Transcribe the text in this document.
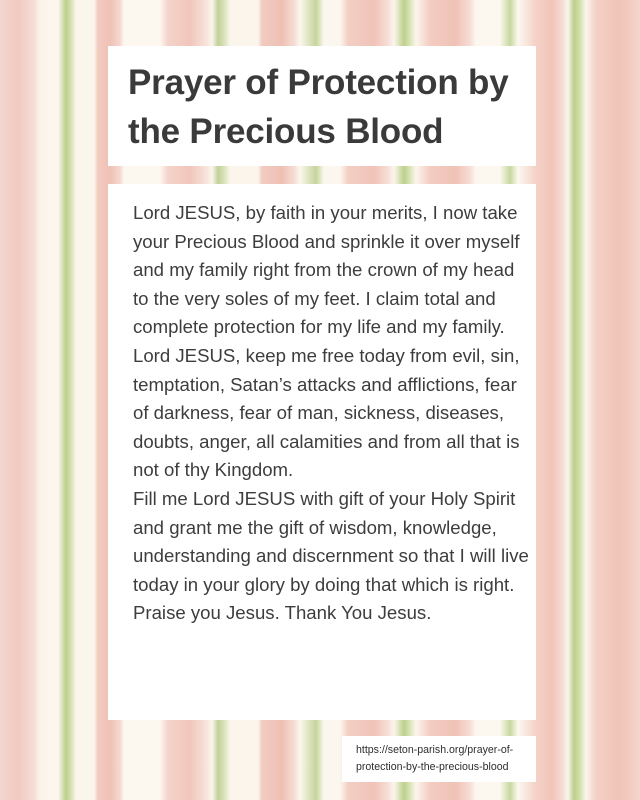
Prayer of Protection by
the Precious Blood

Lord JESUS, by faith in your merits, I now take your Precious Blood and sprinkle it over myself and my family right from the crown of my head to the very soles of my feet. I claim total and complete protection for my life and my family.

Lord JESUS, keep me free today from evil, sin, temptation, Satan’s attacks and afflictions, fear of darkness, fear of man, sickness, diseases, doubts, anger, all calamities and from all that is not of thy Kingdom.

Fill me Lord JESUS with gift of your Holy Spirit and grant me the gift of wisdom, knowledge, understanding and discernment so that I will live today in your glory by doing that which is right.

Praise you Jesus. Thank You Jesus.

https://seton-parish.org/prayer-of-
protection-by-the-precious-blood
